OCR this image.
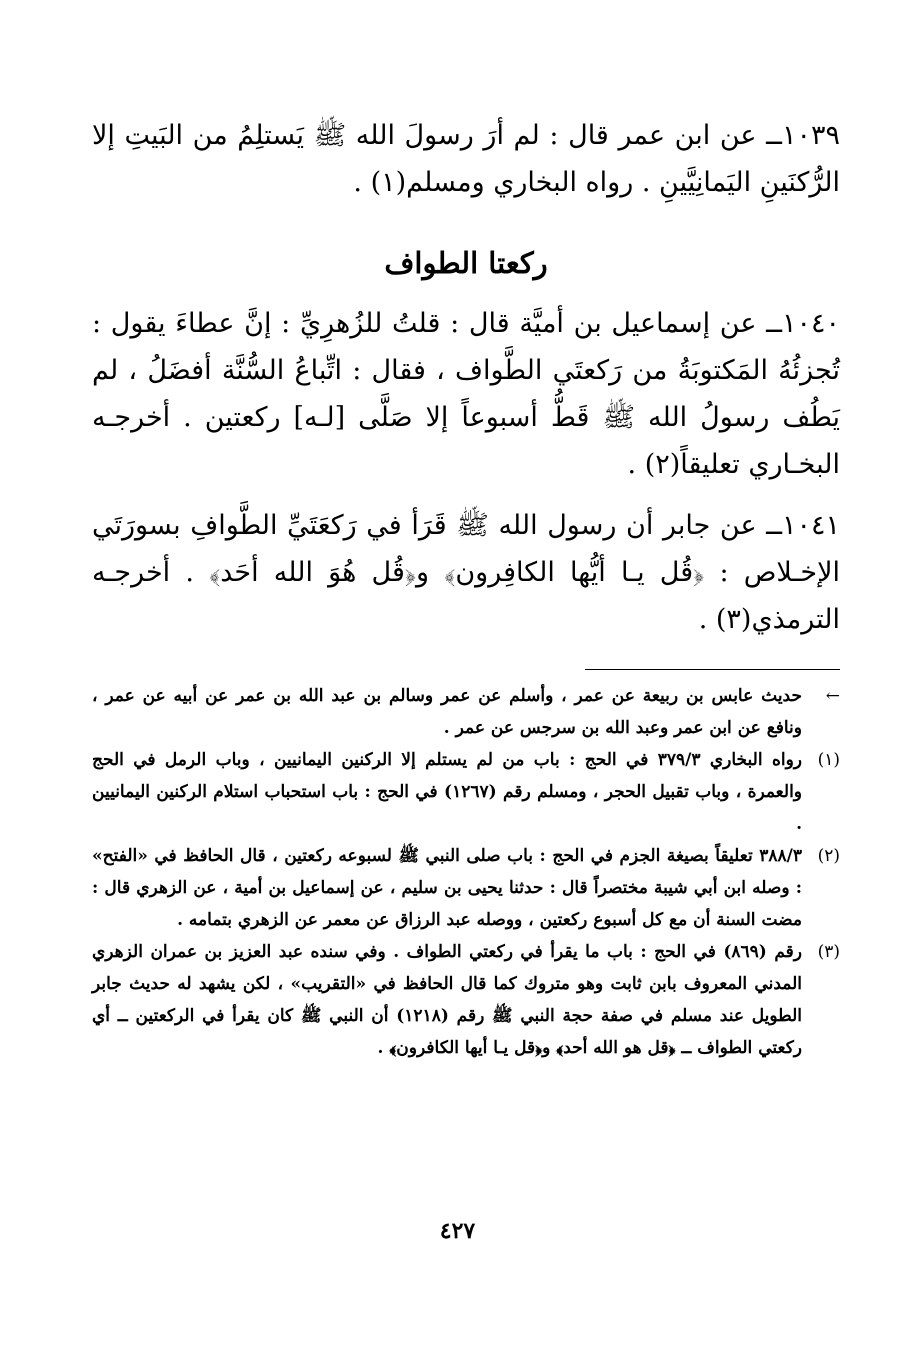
١٠٣٩ــ عن ابن عمر قال : لم أرَ رسولَ الله ﷺ يَستلِمُ من البَيتِ إلا الرُّكنَينِ اليَمانِيَّينِ . رواه البخاري ومسلم(١) .

ركعتا الطواف

١٠٤٠ــ عن إسماعيل بن أميَّة قال : قلتُ للزُهرِيِّ : إنَّ عطاءَ يقول : تُجزئُهُ المَكتوبَةُ من رَكعتَي الطَّواف ، فقال : اتِّباعُ السُّنَّة أفضَلُ ، لم يَطُف رسولُ الله ﷺ قَطُّ أسبوعاً إلا صَلَّى [لـه] ركعتين . أخرجـه البخـاري تعليقاً(٢) .

١٠٤١ــ عن جابر أن رسول الله ﷺ قَرَأ في رَكعَتَيِّ الطَّوافِ بسورَتَي الإخـلاص : ﴿قُل يـا أيُّها الكافِرون﴾ و﴿قُل هُوَ الله أحَد﴾ . أخرجـه الترمذي(٣) .

←
حديث عابس بن ربيعة عن عمر ، وأسلم عن عمر وسالم بن عبد الله بن عمر عن أبيه عن عمر ، ونافع عن ابن عمر وعبد الله بن سرجس عن عمر .
(١)
رواه البخاري ٣٧٩/٣ في الحج : باب من لم يستلم إلا الركنين اليمانيين ، وباب الرمل في الحج والعمرة ، وباب تقبيل الحجر ، ومسلم رقم (١٢٦٧) في الحج : باب استحباب استلام الركنين اليمانيين .
(٢)
٣٨٨/٣ تعليقاً بصيغة الجزم في الحج : باب صلى النبي ﷺ لسبوعه ركعتين ، قال الحافظ في «الفتح» : وصله ابن أبي شيبة مختصراً قال : حدثنا يحيى بن سليم ، عن إسماعيل بن أمية ، عن الزهري قال : مضت السنة أن مع كل أسبوع ركعتين ، ووصله عبد الرزاق عن معمر عن الزهري بتمامه .
(٣)
رقم (٨٦٩) في الحج : باب ما يقرأ في ركعتي الطواف . وفي سنده عبد العزيز بن عمران الزهري المدني المعروف بابن ثابت وهو متروك كما قال الحافظ في «التقريب» ، لكن يشهد له حديث جابر الطويل عند مسلم في صفة حجة النبي ﷺ رقم (١٢١٨) أن النبي ﷺ كان يقرأ في الركعتين ــ أي ركعتي الطواف ــ ﴿قل هو الله أحد﴾ و﴿قل يـا أيها الكافرون﴾ .
٤٢٧
